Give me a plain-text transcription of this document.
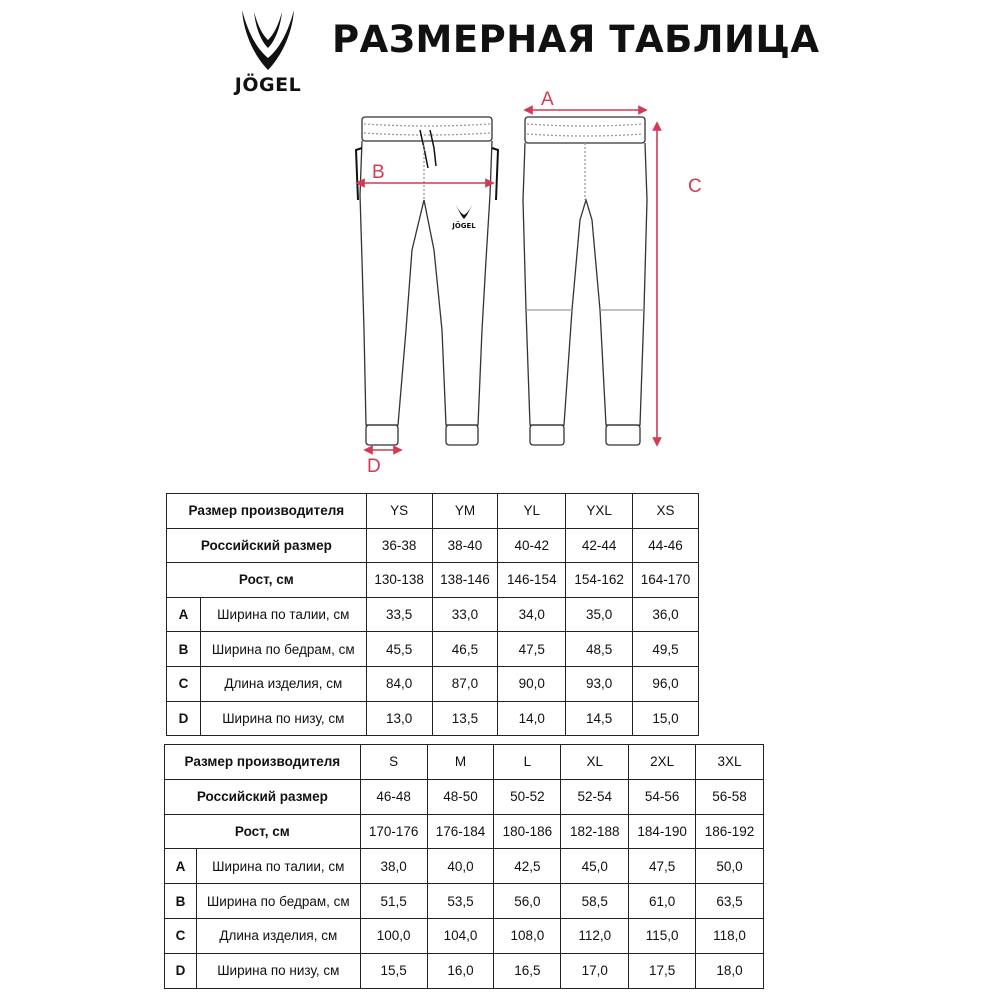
JÖGEL
РАЗМЕРНАЯ ТАБЛИЦА
JÖGEL
B
D
A
C
Размер производителя		YS	YM	YL	YXL	XS
Российский размер		36-38	38-40	40-42	42-44	44-46
Рост, см		130-138	138-146	146-154	154-162	164-170
A	Ширина по талии, см	33,5	33,0	34,0	35,0	36,0
B	Ширина по бедрам, см	45,5	46,5	47,5	48,5	49,5
C	Длина изделия, см	84,0	87,0	90,0	93,0	96,0
D	Ширина по низу, см	13,0	13,5	14,0	14,5	15,0
Размер производителя		S	M	L	XL	2XL	3XL
Российский размер		46-48	48-50	50-52	52-54	54-56	56-58
Рост, см		170-176	176-184	180-186	182-188	184-190	186-192
A	Ширина по талии, см	38,0	40,0	42,5	45,0	47,5	50,0
B	Ширина по бедрам, см	51,5	53,5	56,0	58,5	61,0	63,5
C	Длина изделия, см	100,0	104,0	108,0	112,0	115,0	118,0
D	Ширина по низу, см	15,5	16,0	16,5	17,0	17,5	18,0
